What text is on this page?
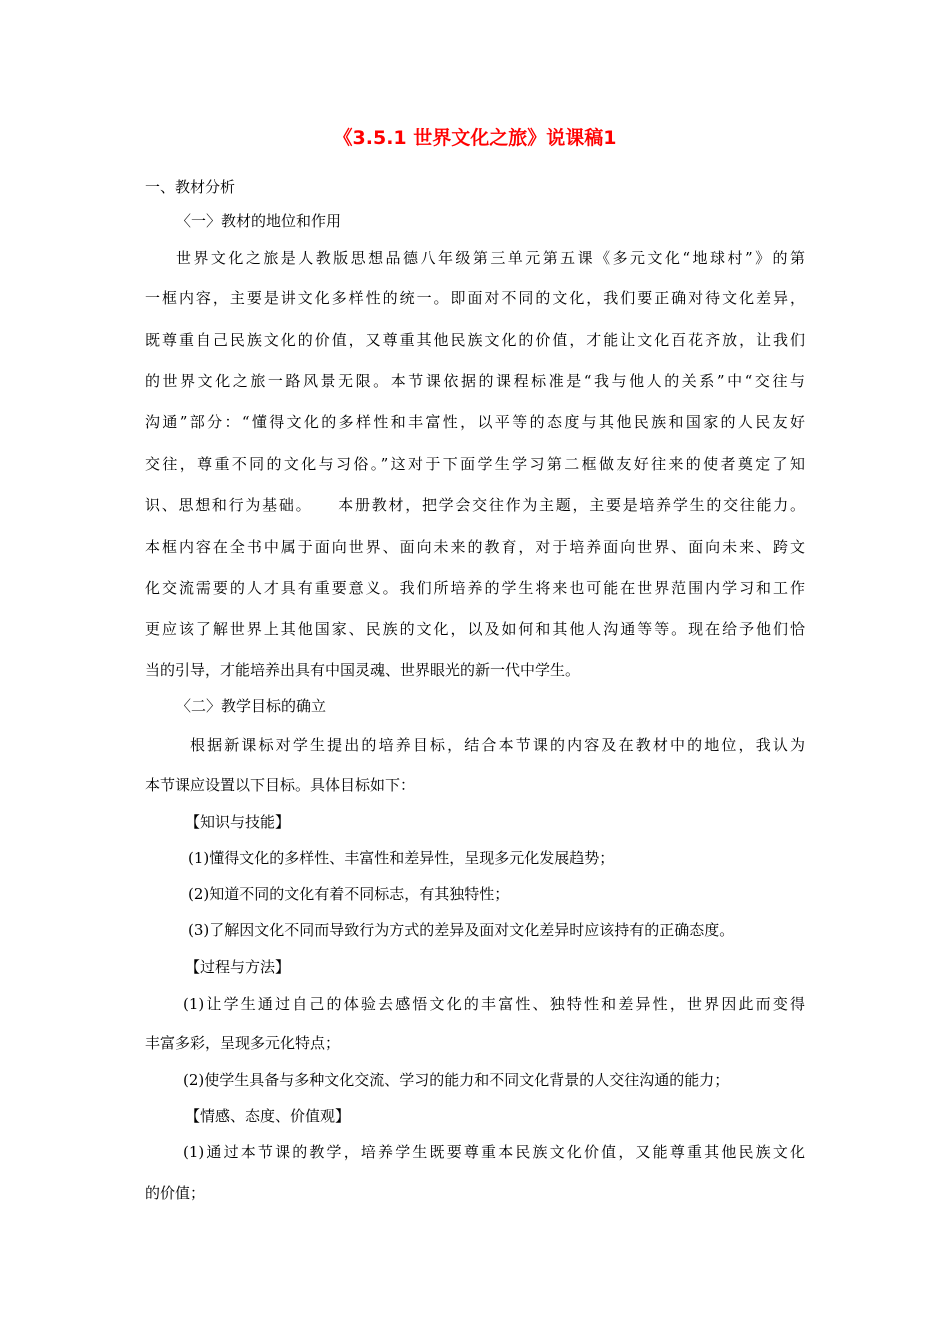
《3.5.1 世界文化之旅》说课稿1
一、教材分析
〈一〉教材的地位和作用
世界文化之旅是人教版思想品德八年级第三单元第五课《多元文化“地球村”》的第
一框内容，主要是讲文化多样性的统一。即面对不同的文化，我们要正确对待文化差异，
既尊重自己民族文化的价值，又尊重其他民族文化的价值，才能让文化百花齐放，让我们
的世界文化之旅一路风景无限。本节课依据的课程标准是“我与他人的关系”中“交往与
沟通”部分：“懂得文化的多样性和丰富性，以平等的态度与其他民族和国家的人民友好
交往，尊重不同的文化与习俗。”这对于下面学生学习第二框做友好往来的使者奠定了知
识、思想和行为基础。    本册教材，把学会交往作为主题，主要是培养学生的交往能力。
本框内容在全书中属于面向世界、面向未来的教育，对于培养面向世界、面向未来、跨文
化交流需要的人才具有重要意义。我们所培养的学生将来也可能在世界范围内学习和工作
更应该了解世界上其他国家、民族的文化，以及如何和其他人沟通等等。现在给予他们恰
当的引导，才能培养出具有中国灵魂、世界眼光的新一代中学生。
〈二〉教学目标的确立
根据新课标对学生提出的培养目标，结合本节课的内容及在教材中的地位，我认为
本节课应设置以下目标。具体目标如下：
【知识与技能】
(1)懂得文化的多样性、丰富性和差异性，呈现多元化发展趋势；
(2)知道不同的文化有着不同标志，有其独特性；
(3)了解因文化不同而导致行为方式的差异及面对文化差异时应该持有的正确态度。
【过程与方法】
(1)让学生通过自己的体验去感悟文化的丰富性、独特性和差异性，世界因此而变得
丰富多彩，呈现多元化特点；
(2)使学生具备与多种文化交流、学习的能力和不同文化背景的人交往沟通的能力；
【情感、态度、价值观】
(1)通过本节课的教学，培养学生既要尊重本民族文化价值，又能尊重其他民族文化
的价值；
